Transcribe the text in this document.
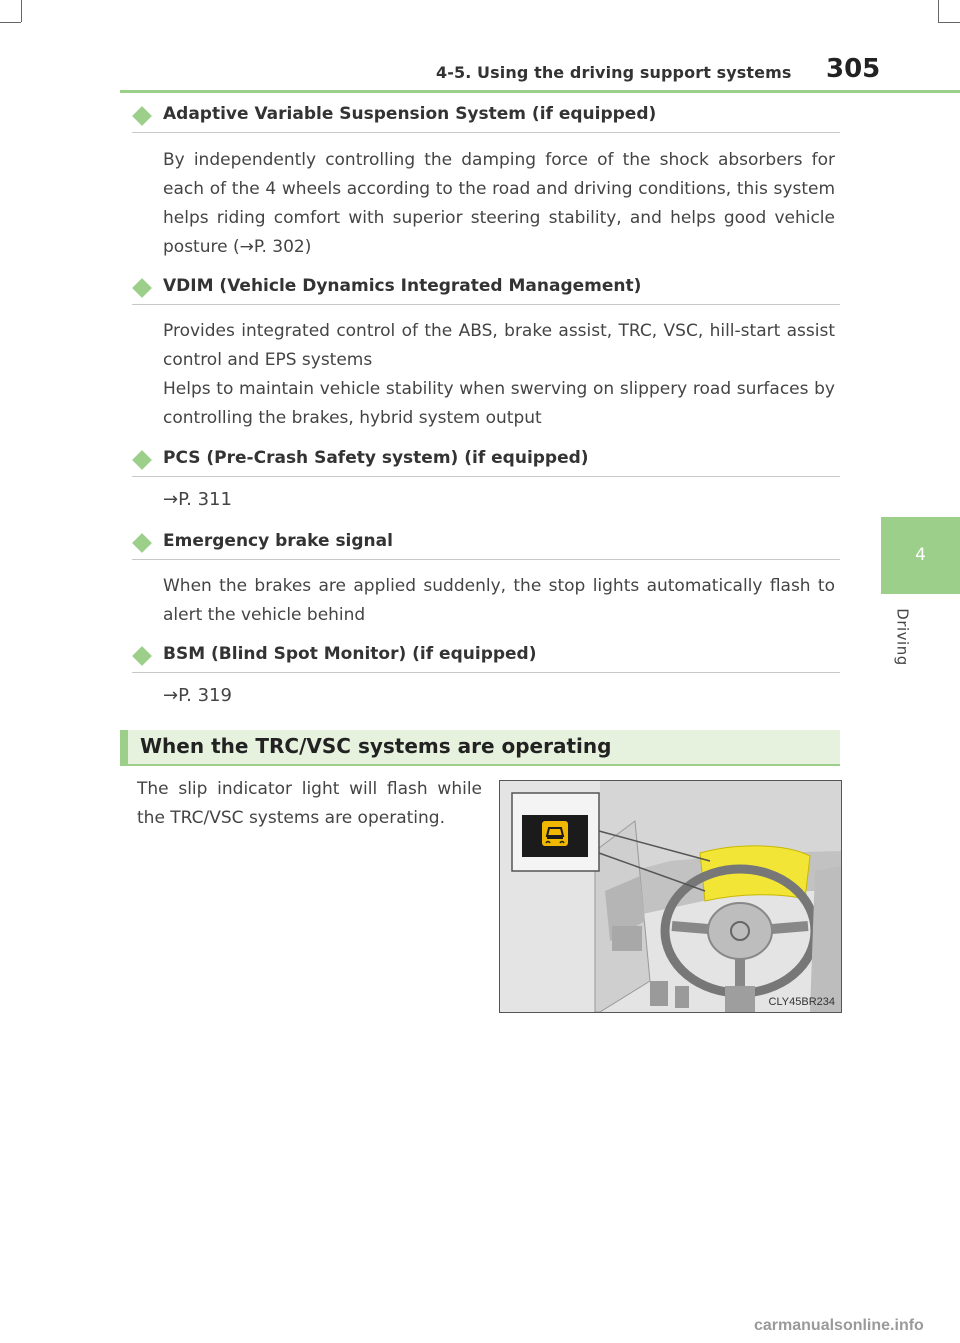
4-5. Using the driving support systems 305
4
Driving
Adaptive Variable Suspension System (if equipped)

By independently controlling the damping force of the shock absorbers for each of the 4 wheels according to the road and driving conditions, this system helps riding comfort with superior steering stability, and helps good vehicle posture (→P. 302)

VDIM (Vehicle Dynamics Integrated Management)

Provides integrated control of the ABS, brake assist, TRC, VSC, hill-start assist control and EPS systems

Helps to maintain vehicle stability when swerving on slippery road surfaces by controlling the brakes, hybrid system output

PCS (Pre-Crash Safety system) (if equipped)
→P. 311
Emergency brake signal

When the brakes are applied suddenly, the stop lights automatically flash to alert the vehicle behind

BSM (Blind Spot Monitor) (if equipped)
→P. 319
When the TRC/VSC systems are operating

The slip indicator light will flash while the TRC/VSC systems are operating.

CLY45BR234
carmanualsonline.info
